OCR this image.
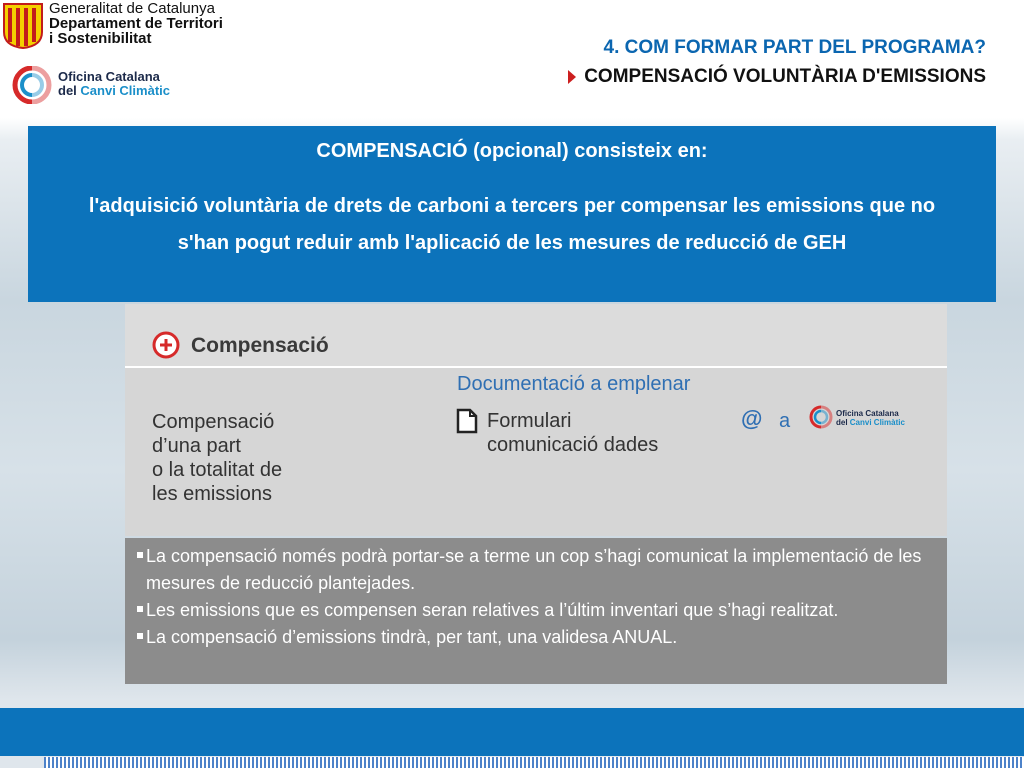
Generalitat de Catalunya
Departament de Territori
i Sostenibilitat
Oficina Catalana
del Canvi Climàtic
4. COM FORMAR PART DEL PROGRAMA?
COMPENSACIÓ VOLUNTÀRIA D'EMISSIONS
COMPENSACIÓ (opcional) consisteix en:
l'adquisició voluntària de drets de carboni a tercers per compensar les emissions que no s'han pogut reduir amb l'aplicació de les mesures de reducció de GEH
Compensació
Documentació a emplenar
Compensació
d’una part
o la totalitat de
les emissions
Formulari
comunicació dades
@ a	Oficina Catalana
del Canvi Climàtic
La compensació només podrà portar-se a terme un cop s’hagi comunicat la implementació de les mesures de reducció plantejades.
Les emissions que es compensen seran relatives a l’últim inventari que s’hagi realitzat.
La compensació d’emissions tindrà, per tant, una validesa ANUAL.
